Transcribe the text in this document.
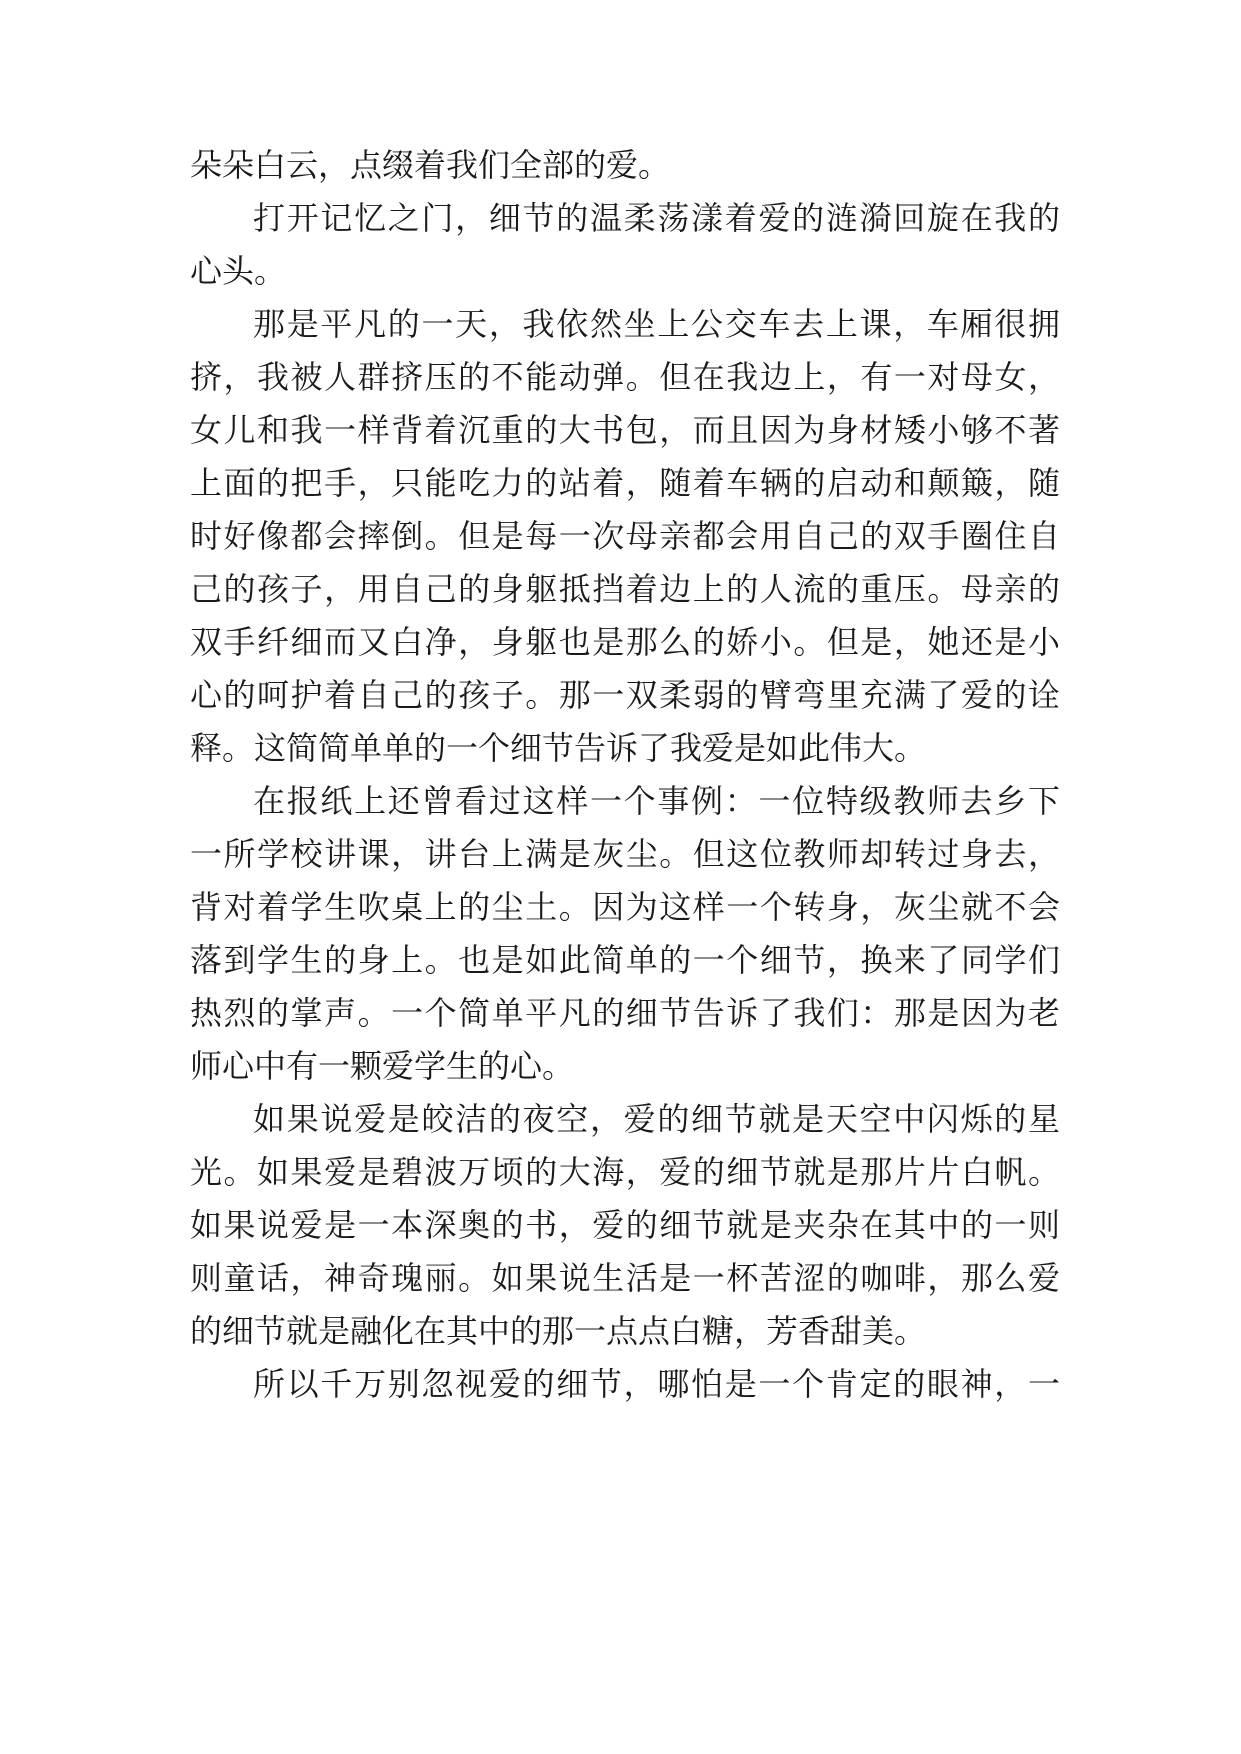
朵朵白云，点缀着我们全部的爱。
打开记忆之门，细节的温柔荡漾着爱的涟漪回旋在我的
心头。
那是平凡的一天，我依然坐上公交车去上课，车厢很拥
挤，我被人群挤压的不能动弹。但在我边上，有一对母女，
女儿和我一样背着沉重的大书包，而且因为身材矮小够不著
上面的把手，只能吃力的站着，随着车辆的启动和颠簸，随
时好像都会摔倒。但是每一次母亲都会用自己的双手圈住自
己的孩子，用自己的身躯抵挡着边上的人流的重压。母亲的
双手纤细而又白净，身躯也是那么的娇小。但是，她还是小
心的呵护着自己的孩子。那一双柔弱的臂弯里充满了爱的诠
释。这简简单单的一个细节告诉了我爱是如此伟大。
在报纸上还曾看过这样一个事例：一位特级教师去乡下
一所学校讲课，讲台上满是灰尘。但这位教师却转过身去，
背对着学生吹桌上的尘土。因为这样一个转身，灰尘就不会
落到学生的身上。也是如此简单的一个细节，换来了同学们
热烈的掌声。一个简单平凡的细节告诉了我们：那是因为老
师心中有一颗爱学生的心。
如果说爱是皎洁的夜空，爱的细节就是天空中闪烁的星
光。如果爱是碧波万顷的大海，爱的细节就是那片片白帆。
如果说爱是一本深奥的书，爱的细节就是夹杂在其中的一则
则童话，神奇瑰丽。如果说生活是一杯苦涩的咖啡，那么爱
的细节就是融化在其中的那一点点白糖，芳香甜美。
所以千万别忽视爱的细节，哪怕是一个肯定的眼神，一
